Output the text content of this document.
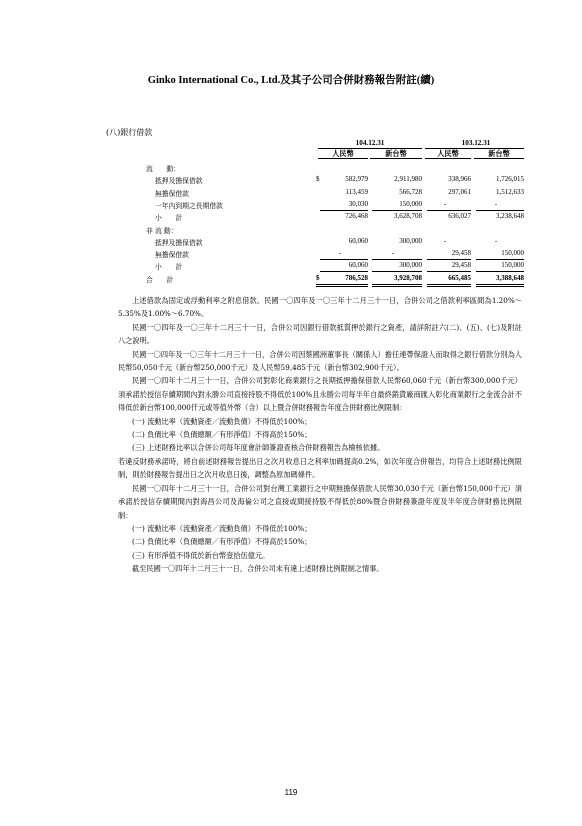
Ginko International Co., Ltd.及其子公司合併財務報告附註(續)
(八)銀行借款
104.12.31	103.12.31
人民幣	新台幣	人民幣	新台幣
流　　動：
抵押及擔保借款	$	582,979	2,911,980	338,966	1,726,015
無擔保借款	113,459	566,728	297,061	1,512,633
一年內到期之長期借款	30,030	150,000	-	-
小　　計	726,468	3,628,708	636,027	3,238,648
非 流 動：
抵押及擔保借款	60,060	300,000	-	-
無擔保借款	-	-	29,458	150,000
小　　計	60,060	300,000	29,458	150,000
合　　計	$	786,528	3,928,708	665,485	3,388,648

上述借款為固定或浮動利率之附息借款。民國一〇四年及一〇三年十二月三十一日，合併公司之借款利率區間為1.20%～5.35%及1.00%～6.70%。

民國一〇四年及一〇三年十二月三十一日，合併公司因銀行借款抵質押於銀行之資產，請詳附註六(二)、(五)、(七)及附註八之說明。

民國一〇四年及一〇三年十二月三十一日，合併公司因蔡國洲董事長（關係人）擔任連帶保證人而取得之銀行借款分別為人民幣50,050千元（新台幣250,000千元）及人民幣59,485千元（新台幣302,900千元）。

民國一〇四年十二月三十一日，合併公司對彰化商業銀行之長期抵押擔保借款人民幣60,060千元（新台幣300,000千元）須承諾於授信存續期間內對永勝公司直接持股不得低於100%且永勝公司每半年自最終銷貨廠商匯入彰化商業銀行之金流合計不得低於新台幣100,000仟元或等值外幣（含）以上暨合併財務報告年度合併財務比例限制：

(一) 流動比率（流動資產／流動負債）不得低於100%；

(二) 負債比率（負債總額／有形淨值）不得高於150%；

(三) 上述財務比率以合併公司每年度會計師簽證查核合併財務報告為檢核依據。

若違反財務承諾時，將自前述財務報告提出日之次月收息日之利率加碼提高0.2%，如次年度合併報告，均符合上述財務比例限制，則於財務報告提出日之次月收息日後，調整為原加碼條件。

民國一〇四年十二月三十一日，合併公司對台灣工業銀行之中期無擔保借款人民幣30,030千元（新台幣150,000千元）須承諾於授信存續期間內對海昌公司及海倫公司之直接或間接持股不得低於80%暨合併財務簽證年度及半年度合併財務比例限制：

(一) 流動比率（流動資產／流動負債）不得低於100%；

(二) 負債比率（負債總額／有形淨值）不得高於150%；

(三) 有形淨值不得低於新台幣壹拾伍億元。

截至民國一〇四年十二月三十一日，合併公司未有違上述財務比例限制之情事。

119
